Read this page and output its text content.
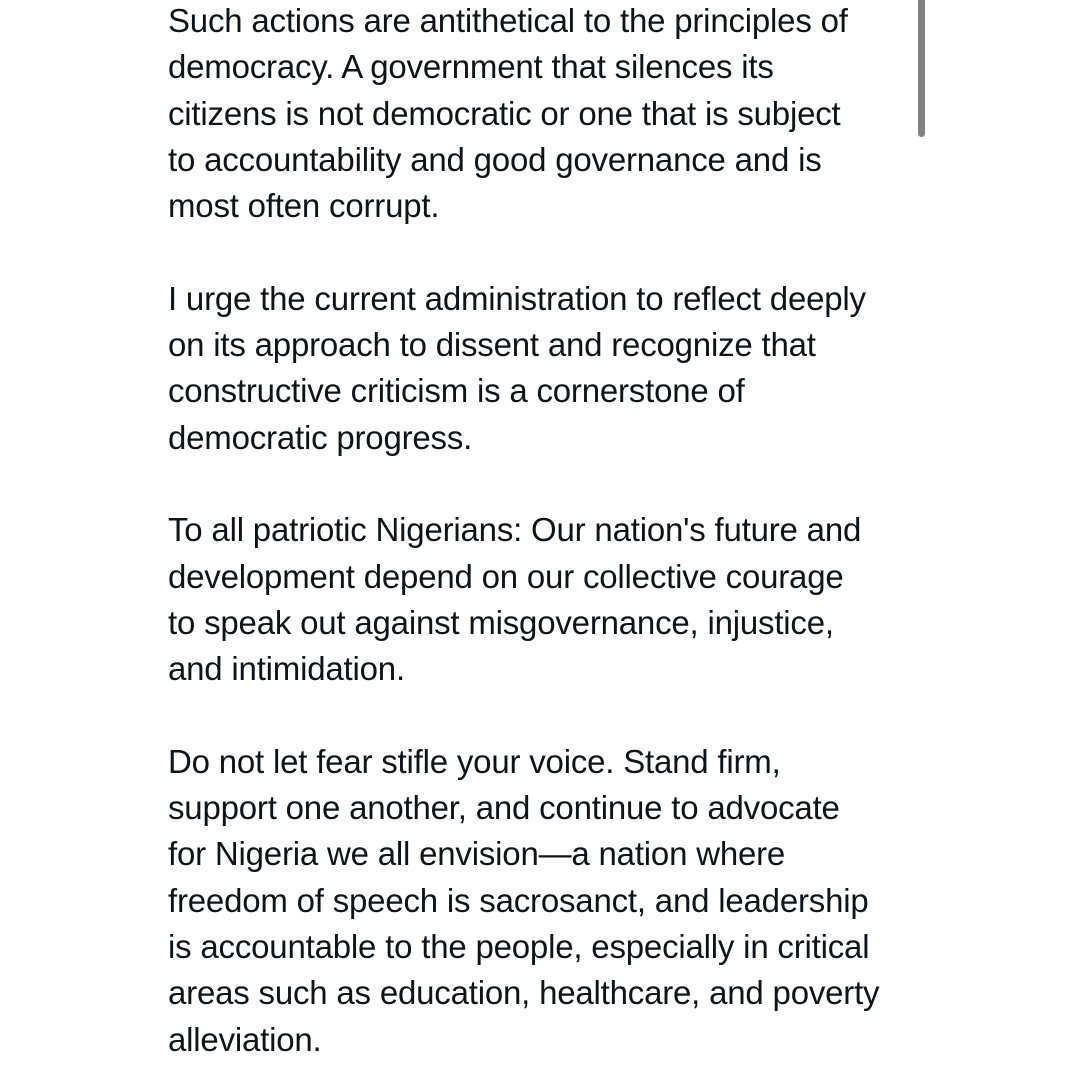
Such actions are antithetical to the principles of
democracy. A government that silences its
citizens is not democratic or one that is subject
to accountability and good governance and is
most often corrupt.
I urge the current administration to reflect deeply
on its approach to dissent and recognize that
constructive criticism is a cornerstone of
democratic progress.
To all patriotic Nigerians: Our nation's future and
development depend on our collective courage
to speak out against misgovernance, injustice,
and intimidation.
Do not let fear stifle your voice. Stand firm,
support one another, and continue to advocate
for Nigeria we all envision—a nation where
freedom of speech is sacrosanct, and leadership
is accountable to the people, especially in critical
areas such as education, healthcare, and poverty
alleviation.
